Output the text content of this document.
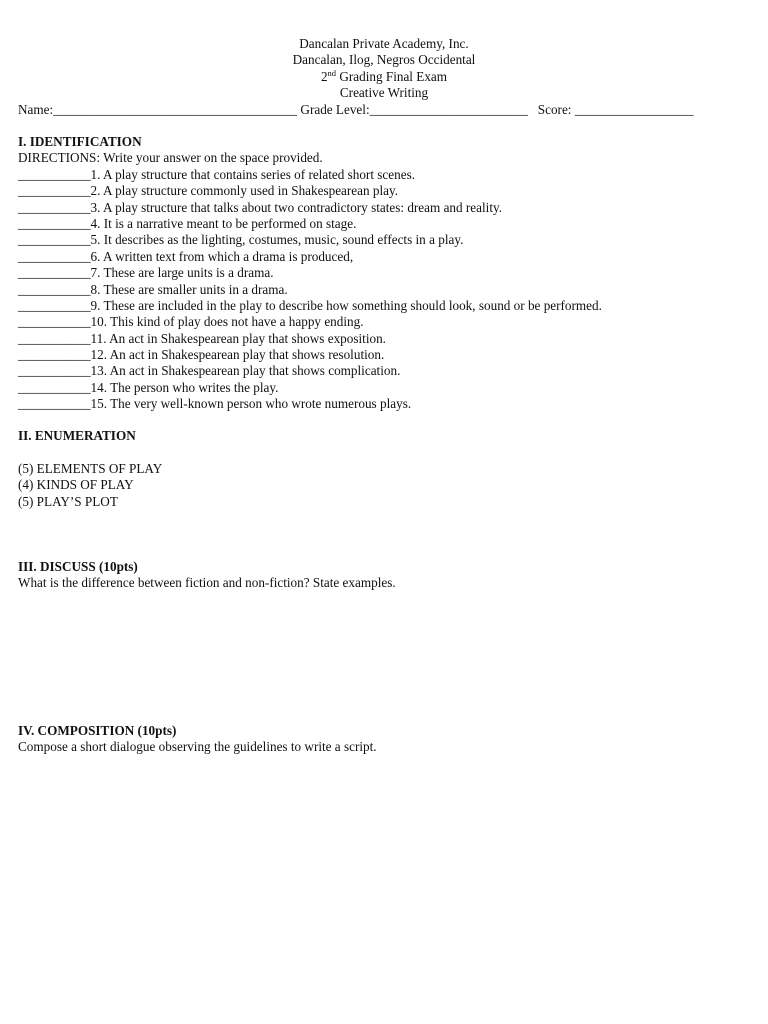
Dancalan Private Academy, Inc.
Dancalan, Ilog, Negros Occidental
2nd Grading Final Exam
Creative Writing
Name:_____________________________________ Grade Level:________________________ Score: __________________
I. IDENTIFICATION
DIRECTIONS: Write your answer on the space provided.
___________1. A play structure that contains series of related short scenes.
___________2. A play structure commonly used in Shakespearean play.
___________3. A play structure that talks about two contradictory states: dream and reality.
___________4. It is a narrative meant to be performed on stage.
___________5. It describes as the lighting, costumes, music, sound effects in a play.
___________6. A written text from which a drama is produced,
___________7. These are large units is a drama.
___________8. These are smaller units in a drama.
___________9. These are included in the play to describe how something should look, sound or be performed.
___________10. This kind of play does not have a happy ending.
___________11. An act in Shakespearean play that shows exposition.
___________12. An act in Shakespearean play that shows resolution.
___________13. An act in Shakespearean play that shows complication.
___________14. The person who writes the play.
___________15. The very well-known person who wrote numerous plays.
II. ENUMERATION
(5) ELEMENTS OF PLAY
(4) KINDS OF PLAY
(5) PLAY’S PLOT
III. DISCUSS (10pts)
What is the difference between fiction and non-fiction? State examples.
IV. COMPOSITION (10pts)
Compose a short dialogue observing the guidelines to write a script.
